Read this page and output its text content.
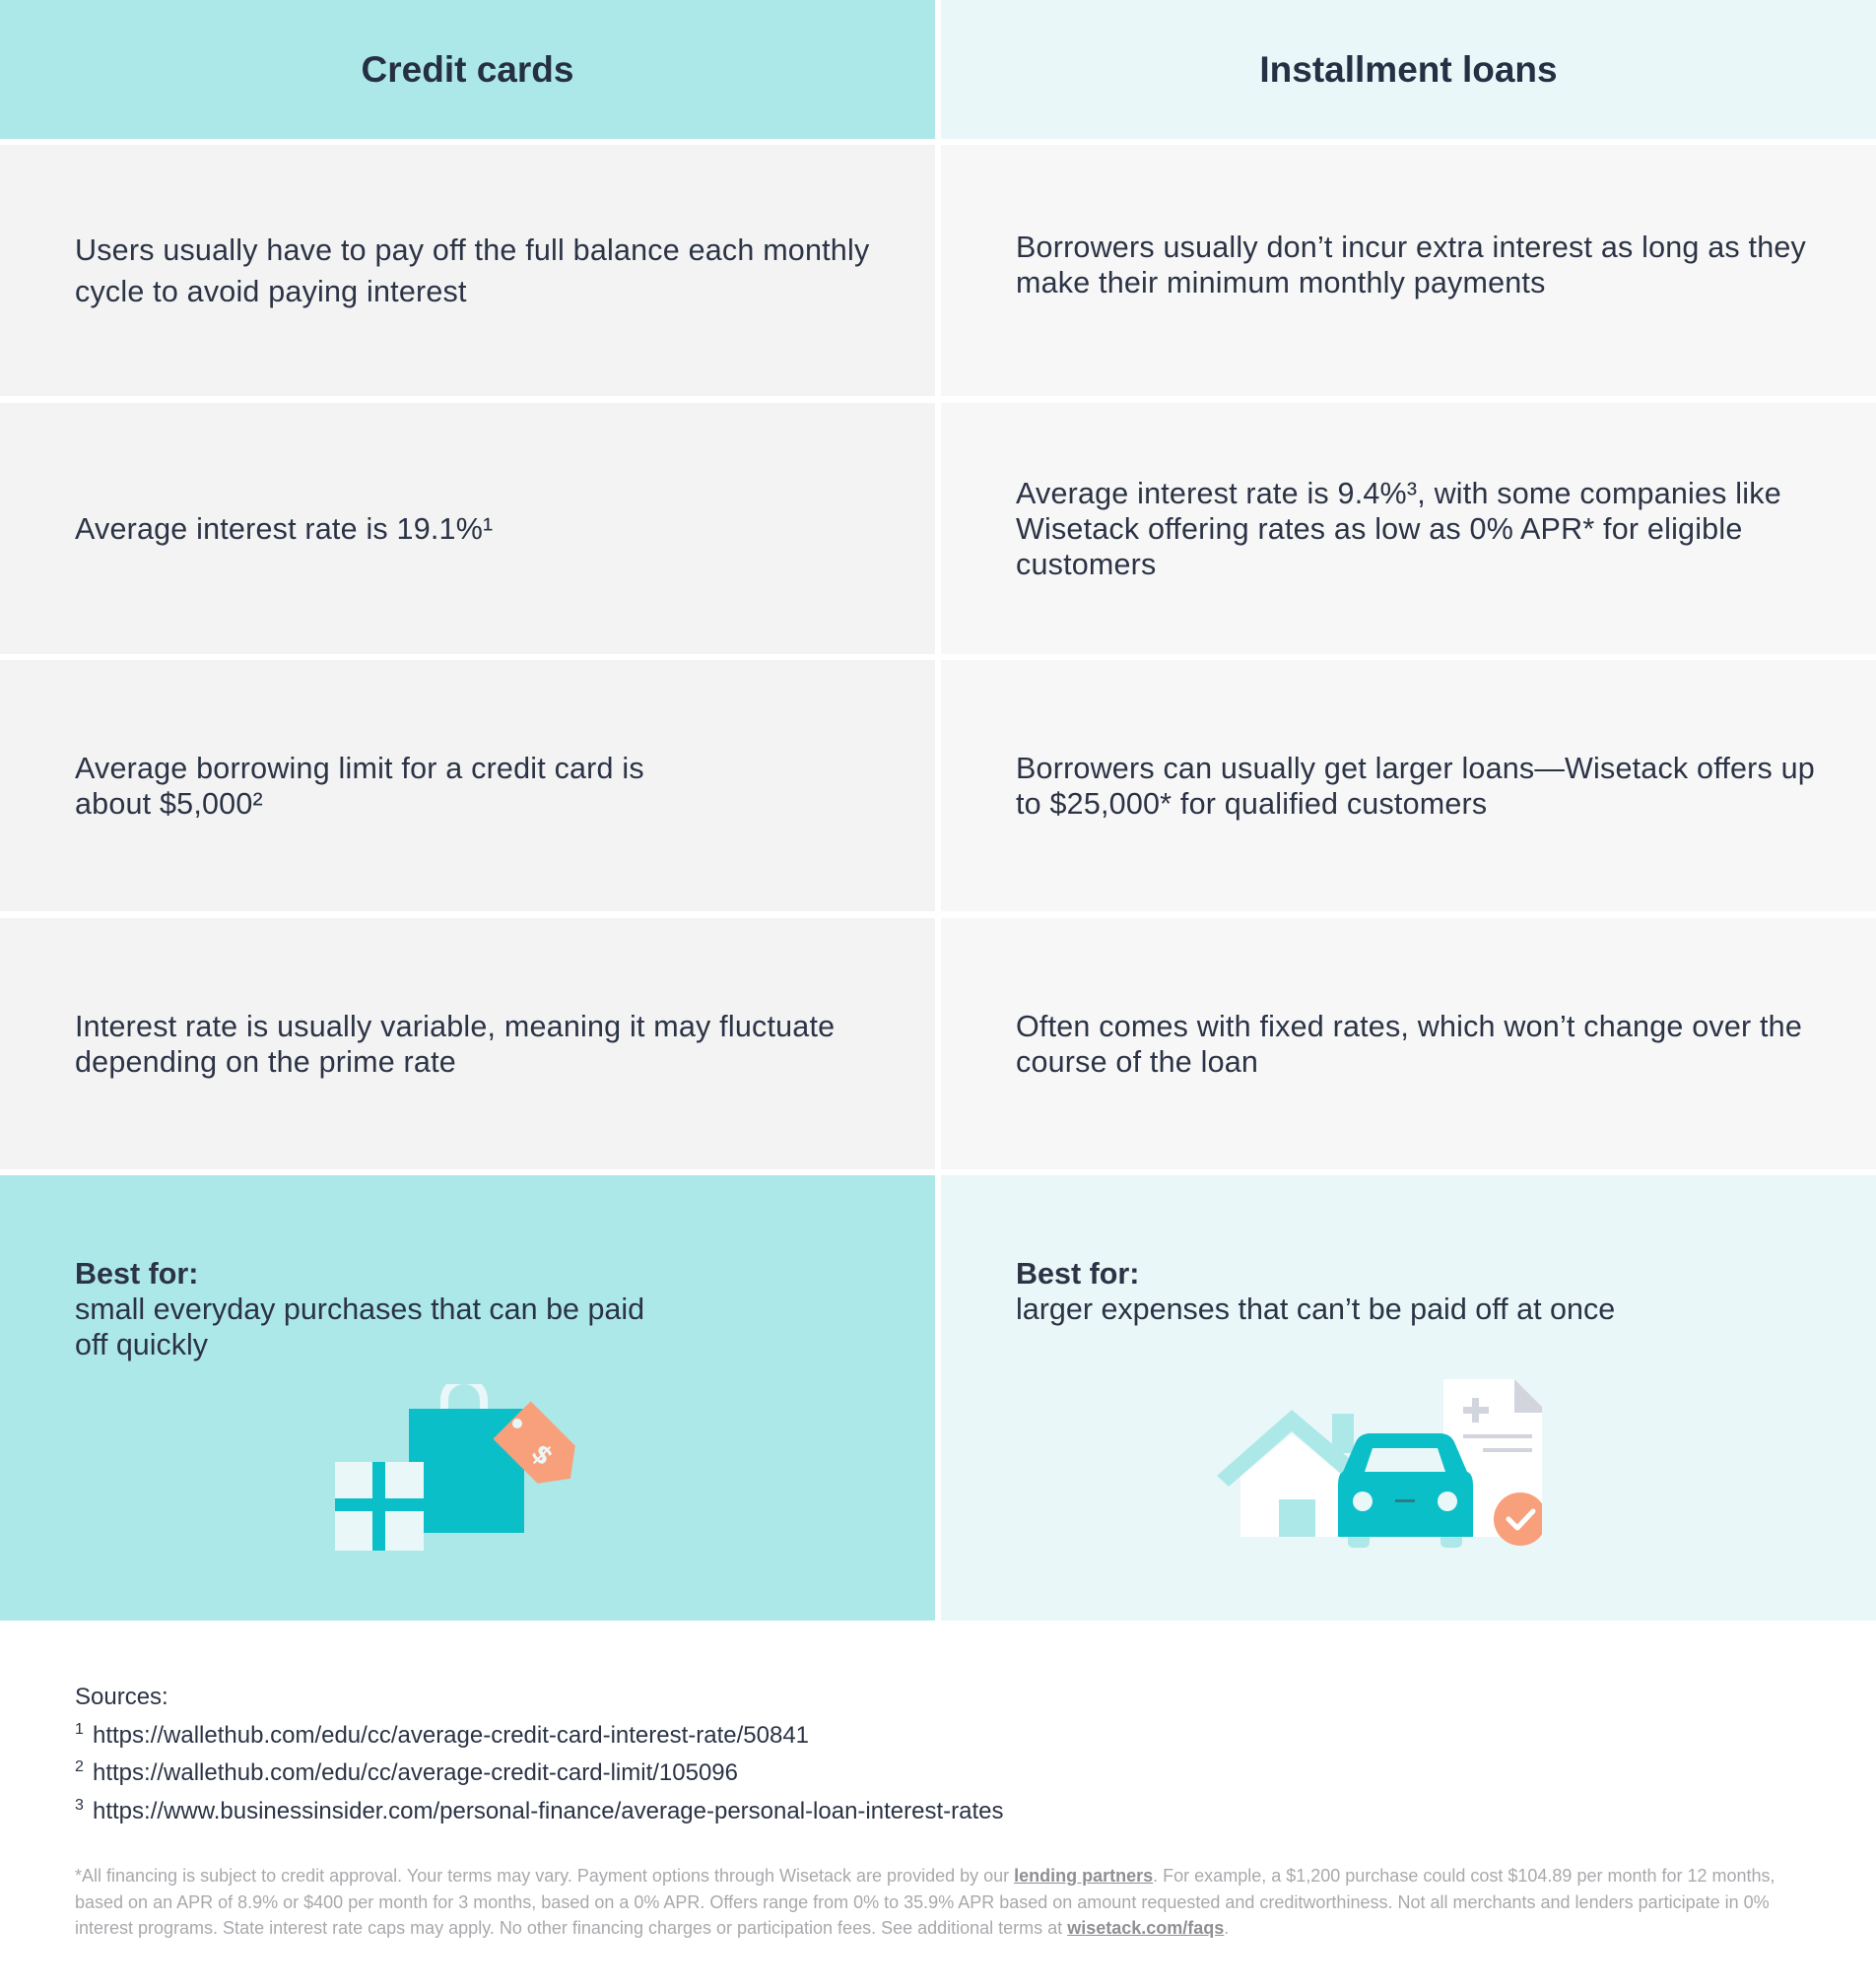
Credit cards	Installment loans
Users usually have to pay off the full balance each monthly cycle to avoid paying interest
Borrowers usually don’t incur extra interest as long as they make their minimum monthly payments
Average interest rate is 19.1%¹
Average interest rate is 9.4%³, with some companies like Wisetack offering rates as low as 0% APR* for eligible customers
Average borrowing limit for a credit card is about $5,000²
Borrowers can usually get larger loans—Wisetack offers up to $25,000* for qualified customers
Interest rate is usually variable, meaning it may fluctuate depending on the prime rate
Often comes with fixed rates, which won’t change over the course of the loan
Best for:
small everyday purchases that can be paid off quickly
$
Best for:
larger expenses that can’t be paid off at once
Sources:
1 https://wallethub.com/edu/cc/average-credit-card-interest-rate/50841
2 https://wallethub.com/edu/cc/average-credit-card-limit/105096
3 https://www.businessinsider.com/personal-finance/average-personal-loan-interest-rates
*All financing is subject to credit approval. Your terms may vary. Payment options through Wisetack are provided by our lending partners. For example, a $1,200 purchase could cost $104.89 per month for 12 months, based on an APR of 8.9% or $400 per month for 3 months, based on a 0% APR. Offers range from 0% to 35.9% APR based on amount requested and creditworthiness. Not all merchants and lenders participate in 0% interest programs. State interest rate caps may apply. No other financing charges or participation fees. See additional terms at wisetack.com/faqs.
